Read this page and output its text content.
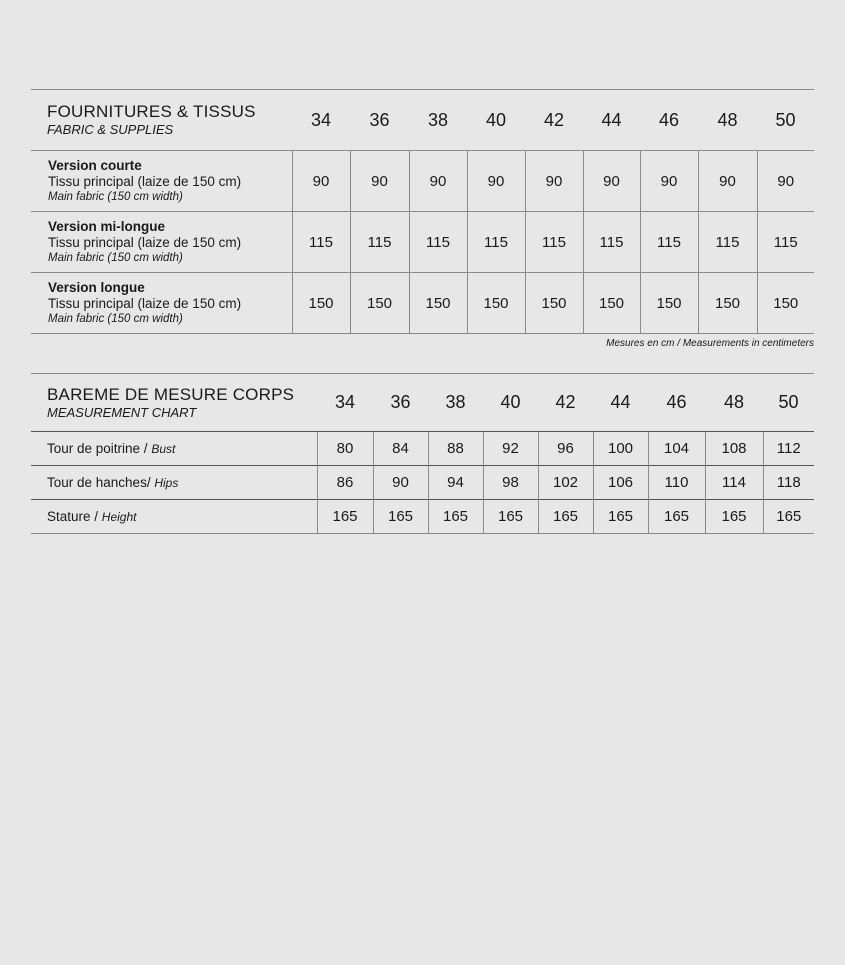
FOURNITURES & TISSUS
FABRIC & SUPPLIES	34	36	38	40	42	44	46	48	50

Version courte
Tissu principal (laize de 150 cm)
Main fabric (150 cm width)	90	90	90	90	90	90	90	90	90

Version mi-longue
Tissu principal (laize de 150 cm)
Main fabric (150 cm width)	115	115	115	115	115	115	115	115	115

Version longue
Tissu principal (laize de 150 cm)
Main fabric (150 cm width)	150	150	150	150	150	150	150	150	150
Mesures en cm / Measurements in centimeters
BAREME DE MESURE CORPS
MEASUREMENT CHART	34	36	38	40	42	44	46	48	50
Tour de poitrine / Bust	80	84	88	92	96	100	104	108	112
Tour de hanches/ Hips	86	90	94	98	102	106	110	114	118
Stature / Height	165	165	165	165	165	165	165	165	165
